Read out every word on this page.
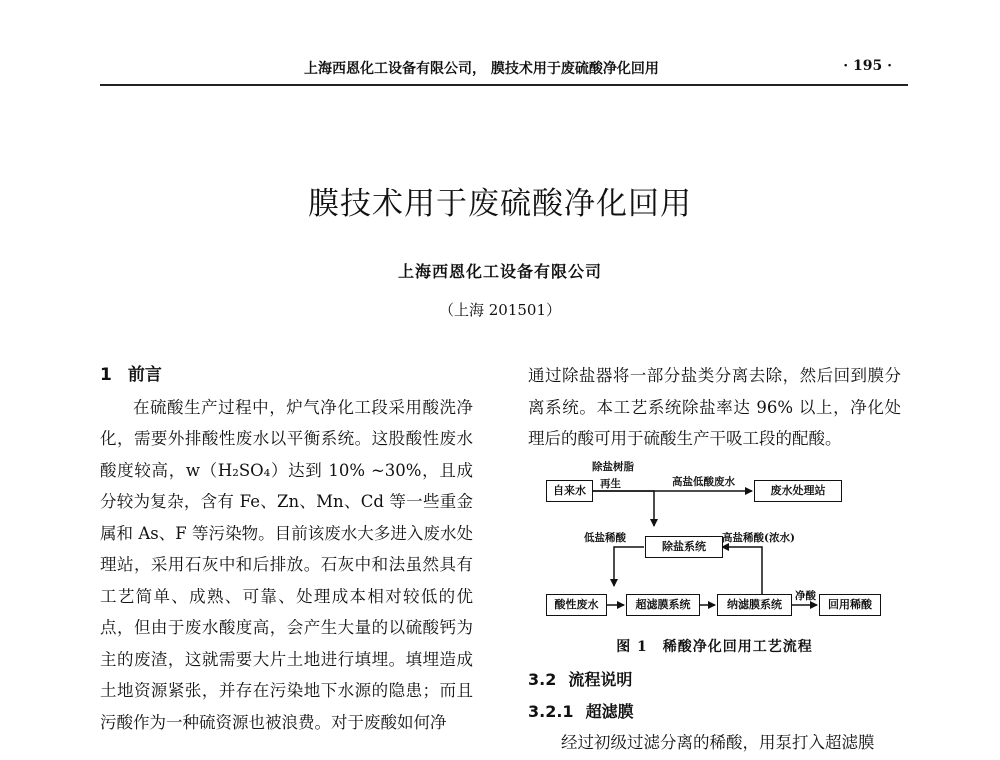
上海西恩化工设备有限公司， 膜技术用于废硫酸净化回用	· 195 ·
膜技术用于废硫酸净化回用
上海西恩化工设备有限公司
（上海 201501）

1 前言

在硫酸生产过程中，炉气净化工段采用酸洗净化，需要外排酸性废水以平衡系统。这股酸性废水酸度较高，w（H₂SO₄）达到 10% ~30%，且成分较为复杂，含有 Fe、Zn、Mn、Cd 等一些重金属和 As、F 等污染物。目前该废水大多进入废水处理站，采用石灰中和后排放。石灰中和法虽然具有工艺简单、成熟、可靠、处理成本相对较低的优点，但由于废水酸度高，会产生大量的以硫酸钙为主的废渣，这就需要大片土地进行填埋。填埋造成土地资源紧张，并存在污染地下水源的隐患；而且污酸作为一种硫资源也被浪费。对于废酸如何净

通过除盐器将一部分盐类分离去除，然后回到膜分离系统。本工艺系统除盐率达 96% 以上，净化处理后的酸可用于硫酸生产干吸工段的配酸。

自来水	废水处理站
除盐系统
酸性废水	超滤膜系统	纳滤膜系统	回用稀酸
除盐树脂
再生	高盐低酸废水
低盐稀酸	高盐稀酸(浓水)
净酸
图 1　稀酸净化回用工艺流程

3.2 流程说明

3.2.1 超滤膜

经过初级过滤分离的稀酸，用泵打入超滤膜
